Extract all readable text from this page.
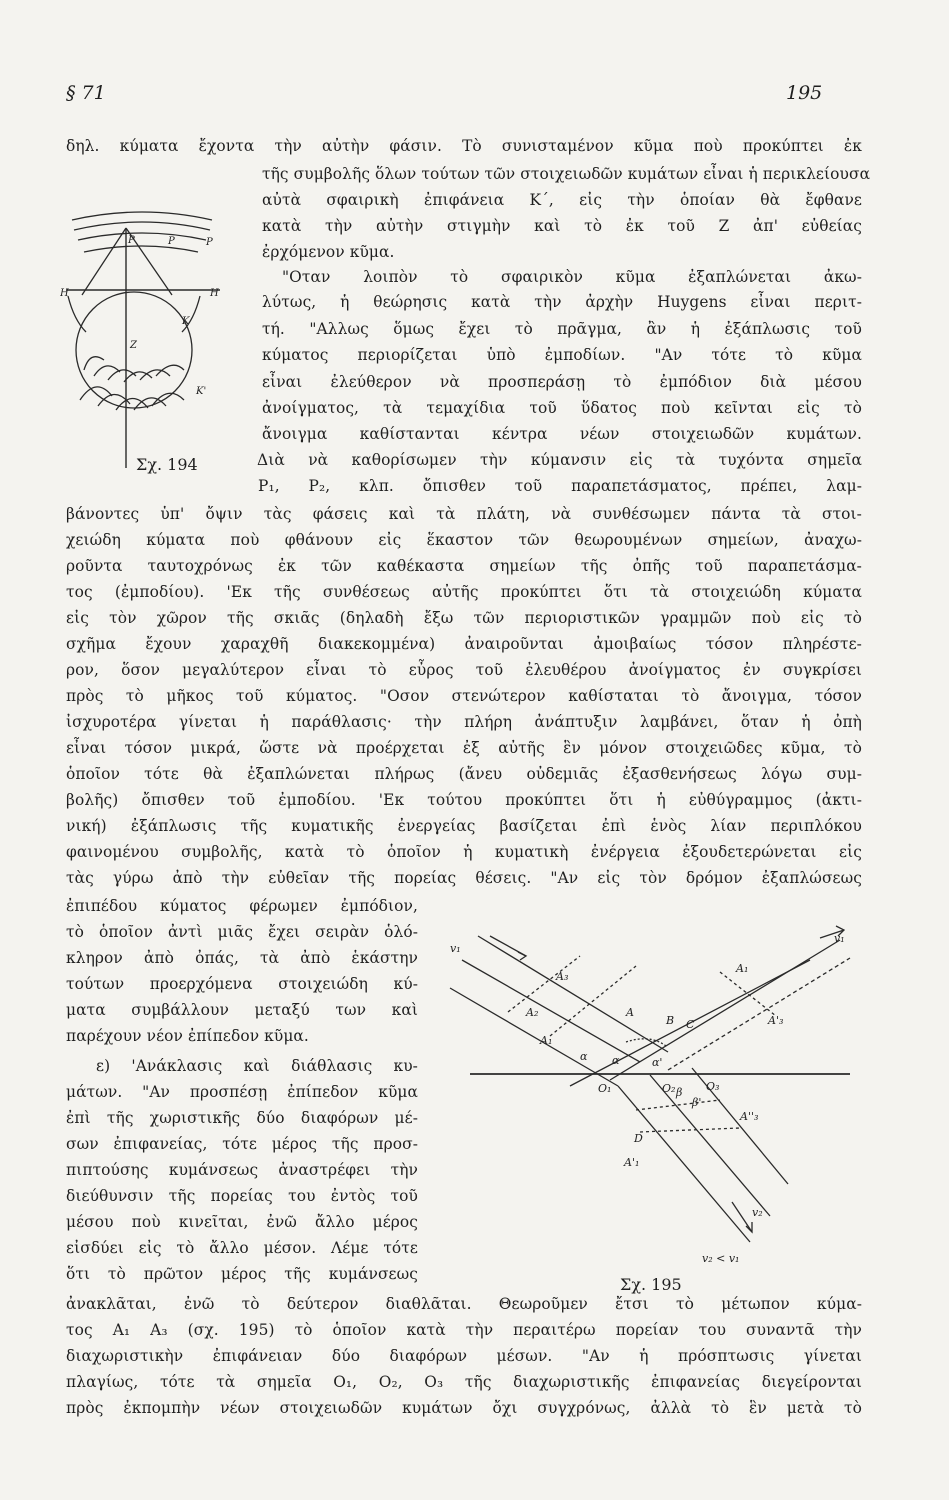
§ 71	195
δηλ. κύματα ἔχοντα τὴν αὐτὴν φάσιν. Τὸ συνισταμένον κῦμα ποὺ προκύπτει ἐκ
τῆς συμβολῆς ὅλων τούτων τῶν στοιχειωδῶν κυμάτων εἶναι ἡ περικλείουσα
αὐτὰ σφαιρικὴ ἐπιφάνεια Κ΄, εἰς τὴν ὁποίαν θὰ ἔφθανε
κατὰ τὴν αὐτὴν στιγμὴν καὶ τὸ ἐκ τοῦ Ζ ἀπ' εὐθείας
ἐρχόμενον κῦμα.
"Οταν λοιπὸν τὸ σφαιρικὸν κῦμα ἐξαπλώνεται ἀκω-
λύτως, ἡ θεώρησις κατὰ τὴν ἀρχὴν Huygens εἶναι περιτ-
τή. "Αλλως ὅμως ἔχει τὸ πρᾶγμα, ἂν ἡ ἐξάπλωσις τοῦ
κύματος περιορίζεται ὑπὸ ἐμποδίων. "Αν τότε τὸ κῦμα
εἶναι ἐλεύθερον νὰ προσπεράσῃ τὸ ἐμπόδιον διὰ μέσου
ἀνοίγματος, τὰ τεμαχίδια τοῦ ὕδατος ποὺ κεῖνται εἰς τὸ
ἄνοιγμα καθίστανται κέντρα νέων στοιχειωδῶν κυμάτων.
Διὰ νὰ καθορίσωμεν τὴν κύμανσιν εἰς τὰ τυχόντα σημεῖα
P₁, P₂, κλπ. ὄπισθεν τοῦ παραπετάσματος, πρέπει, λαμ-
βάνοντες ὑπ' ὄψιν τὰς φάσεις καὶ τὰ πλάτη, νὰ συνθέσωμεν πάντα τὰ στοι-
χειώδη κύματα ποὺ φθάνουν εἰς ἕκαστον τῶν θεωρουμένων σημείων, ἀναχω-
ροῦντα ταυτοχρόνως ἐκ τῶν καθέκαστα σημείων τῆς ὀπῆς τοῦ παραπετάσμα-
τος (ἐμποδίου). 'Εκ τῆς συνθέσεως αὐτῆς προκύπτει ὅτι τὰ στοιχειώδη κύματα
εἰς τὸν χῶρον τῆς σκιᾶς (δηλαδὴ ἔξω τῶν περιοριστικῶν γραμμῶν ποὺ εἰς τὸ
σχῆμα ἔχουν χαραχθῆ διακεκομμένα) ἀναιροῦνται ἀμοιβαίως τόσον πληρέστε-
ρον, ὅσον μεγαλύτερον εἶναι τὸ εὖρος τοῦ ἐλευθέρου ἀνοίγματος ἐν συγκρίσει
πρὸς τὸ μῆκος τοῦ κύματος. "Οσον στενώτερον καθίσταται τὸ ἄνοιγμα, τόσον
ἰσχυροτέρα γίνεται ἡ παράθλασις· τὴν πλήρη ἀνάπτυξιν λαμβάνει, ὅταν ἡ ὀπὴ
εἶναι τόσον μικρά, ὥστε νὰ προέρχεται ἐξ αὐτῆς ἓν μόνον στοιχειῶδες κῦμα, τὸ
ὁποῖον τότε θὰ ἐξαπλώνεται πλήρως (ἄνευ οὐδεμιᾶς ἐξασθενήσεως λόγω συμ-
βολῆς) ὄπισθεν τοῦ ἐμποδίου. 'Εκ τούτου προκύπτει ὅτι ἡ εὐθύγραμμος (ἀκτι-
νική) ἐξάπλωσις τῆς κυματικῆς ἐνεργείας βασίζεται ἐπὶ ἑνὸς λίαν περιπλόκου
φαινομένου συμβολῆς, κατὰ τὸ ὁποῖον ἡ κυματικὴ ἐνέργεια ἐξουδετερώνεται εἰς
τὰς γύρω ἀπὸ τὴν εὐθεῖαν τῆς πορείας θέσεις. "Αν εἰς τὸν δρόμον ἐξαπλώσεως
ἐπιπέδου κύματος φέρωμεν ἐμπόδιον,
τὸ ὁποῖον ἀντὶ μιᾶς ἔχει σειρὰν ὁλό-
κληρον ἀπὸ ὀπάς, τὰ ἀπὸ ἑκάστην
τούτων προερχόμενα στοιχειώδη κύ-
ματα συμβάλλουν μεταξύ των καὶ
παρέχουν νέον ἐπίπεδον κῦμα.
ε) 'Ανάκλασις καὶ διάθλασις κυ-
μάτων. "Αν προσπέσῃ ἐπίπεδον κῦμα
ἐπὶ τῆς χωριστικῆς δύο διαφόρων μέ-
σων ἐπιφανείας, τότε μέρος τῆς προσ-
πιπτούσης κυμάνσεως ἀναστρέφει τὴν
διεύθυνσιν τῆς πορείας του ἐντὸς τοῦ
μέσου ποὺ κινεῖται, ἐνῶ ἄλλο μέρος
εἰσδύει εἰς τὸ ἄλλο μέσον. Λέμε τότε
ὅτι τὸ πρῶτον μέρος τῆς κυμάνσεως
ἀνακλᾶται, ἐνῶ τὸ δεύτερον διαθλᾶται. Θεωροῦμεν ἔτσι τὸ μέτωπον κύμα-
τος Α₁ Α₃ (σχ. 195) τὸ ὁποῖον κατὰ τὴν περαιτέρω πορείαν του συναντᾶ τὴν
διαχωριστικὴν ἐπιφάνειαν δύο διαφόρων μέσων. "Αν ἡ πρόσπτωσις γίνεται
πλαγίως, τότε τὰ σημεῖα Ο₁, Ο₂, Ο₃ τῆς διαχωριστικῆς ἐπιφανείας διεγείρονται
πρὸς ἐκπομπὴν νέων στοιχειωδῶν κυμάτων ὄχι συγχρόνως, ἀλλὰ τὸ ἓν μετὰ τὸ
P	P	P
H	H
Z
K
K'
Σχ. 194
v₁
v₁
v₂
v₂ < v₁
A₃
A₂
A₁
A
B C
D
A₁
A'₃
A''₃
A'₁
O₁	O₂	O₃
α α	α'
β
β'
Σχ. 195
